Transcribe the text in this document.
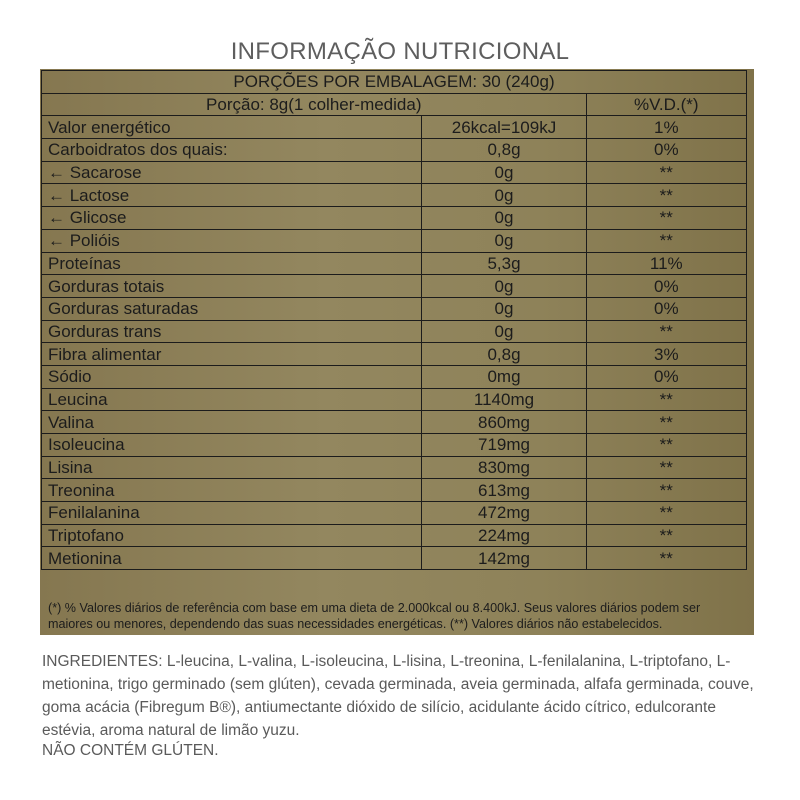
INFORMAÇÃO NUTRICIONAL
PORÇÕES POR EMBALAGEM: 30 (240g)		
Porção: 8g(1 colher-medida)		%V.D.(*)
Valor energético	26kcal=109kJ	1%
Carboidratos dos quais:	0,8g	0%
← Sacarose	0g	**
← Lactose	0g	**
← Glicose	0g	**
← Polióis	0g	**
Proteínas	5,3g	11%
Gorduras totais	0g	0%
Gorduras saturadas	0g	0%
Gorduras trans	0g	**
Fibra alimentar	0,8g	3%
Sódio	0mg	0%
Leucina	1140mg	**
Valina	860mg	**
Isoleucina	719mg	**
Lisina	830mg	**
Treonina	613mg	**
Fenilalanina	472mg	**
Triptofano	224mg	**
Metionina	142mg	**
(*) % Valores diários de referência com base em uma dieta de 2.000kcal ou 8.400kJ. Seus valores diários podem ser maiores ou menores, dependendo das suas necessidades energéticas. (**) Valores diários não estabelecidos.
INGREDIENTES: L-leucina, L-valina, L-isoleucina, L-lisina, L-treonina, L-fenilalanina, L-triptofano, L-metionina, trigo germinado (sem glúten), cevada germinada, aveia germinada, alfafa germinada, couve, goma acácia (Fibregum B®), antiumectante dióxido de silício, acidulante ácido cítrico, edulcorante estévia, aroma natural de limão yuzu.
NÃO CONTÉM GLÚTEN.
